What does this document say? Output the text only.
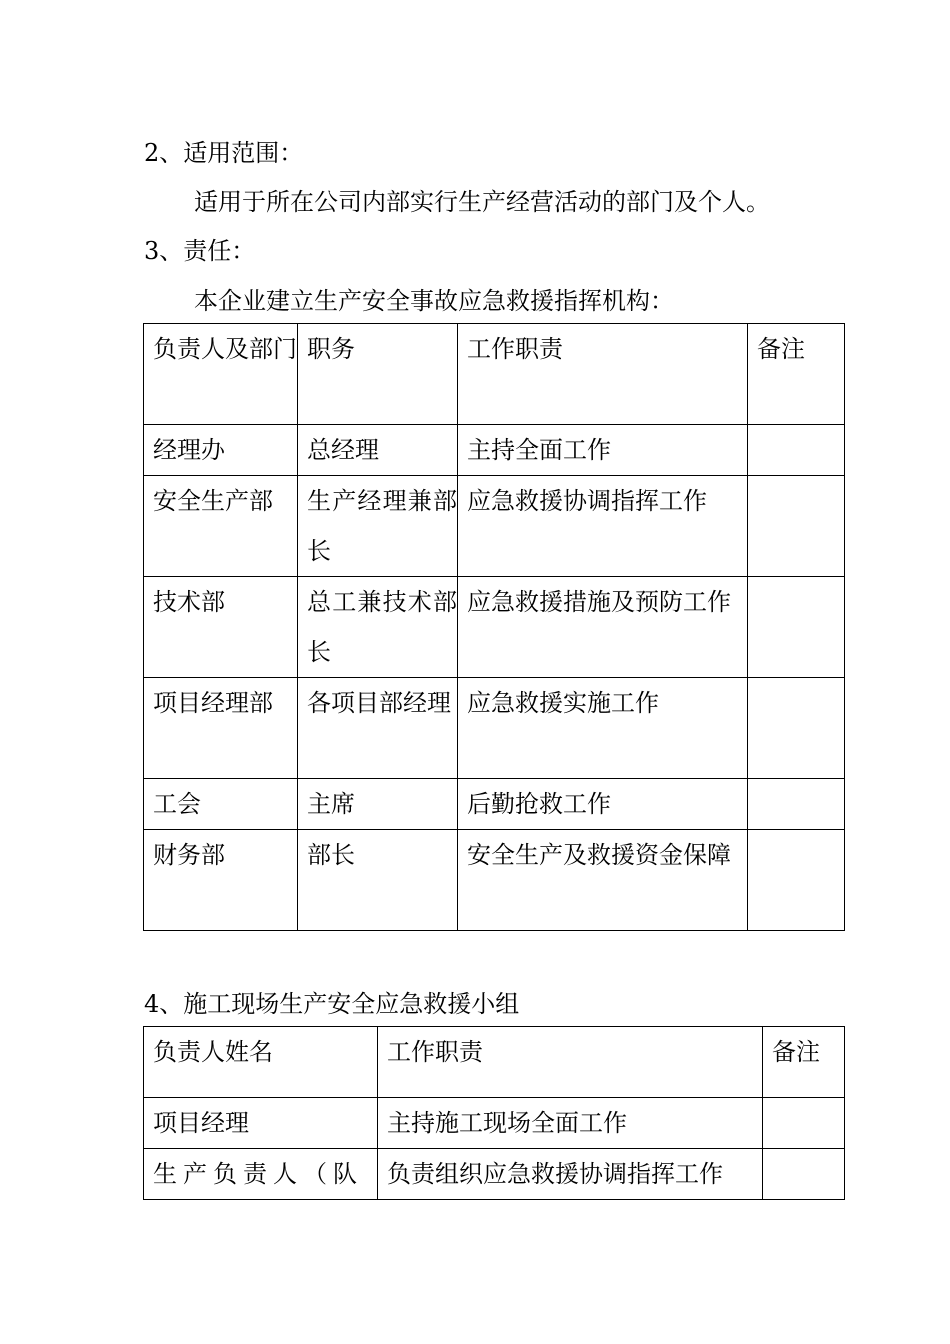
2、适用范围：
适用于所在公司内部实行生产经营活动的部门及个人。
3、责任：
本企业建立生产安全事故应急救援指挥机构：
负责人及部门	职务	工作职责	备注
经理办	总经理	主持全面工作	
安全生产部	生产经理兼部长	应急救援协调指挥工作	
技术部	总工兼技术部长	应急救援措施及预防工作	
项目经理部	各项目部经理	应急救援实施工作	
工会	主席	后勤抢救工作	
财务部	部长	安全生产及救援资金保障	
4、施工现场生产安全应急救援小组
负责人姓名	工作职责	备注
项目经理	主持施工现场全面工作	
生产负责人（队	负责组织应急救援协调指挥工作	
